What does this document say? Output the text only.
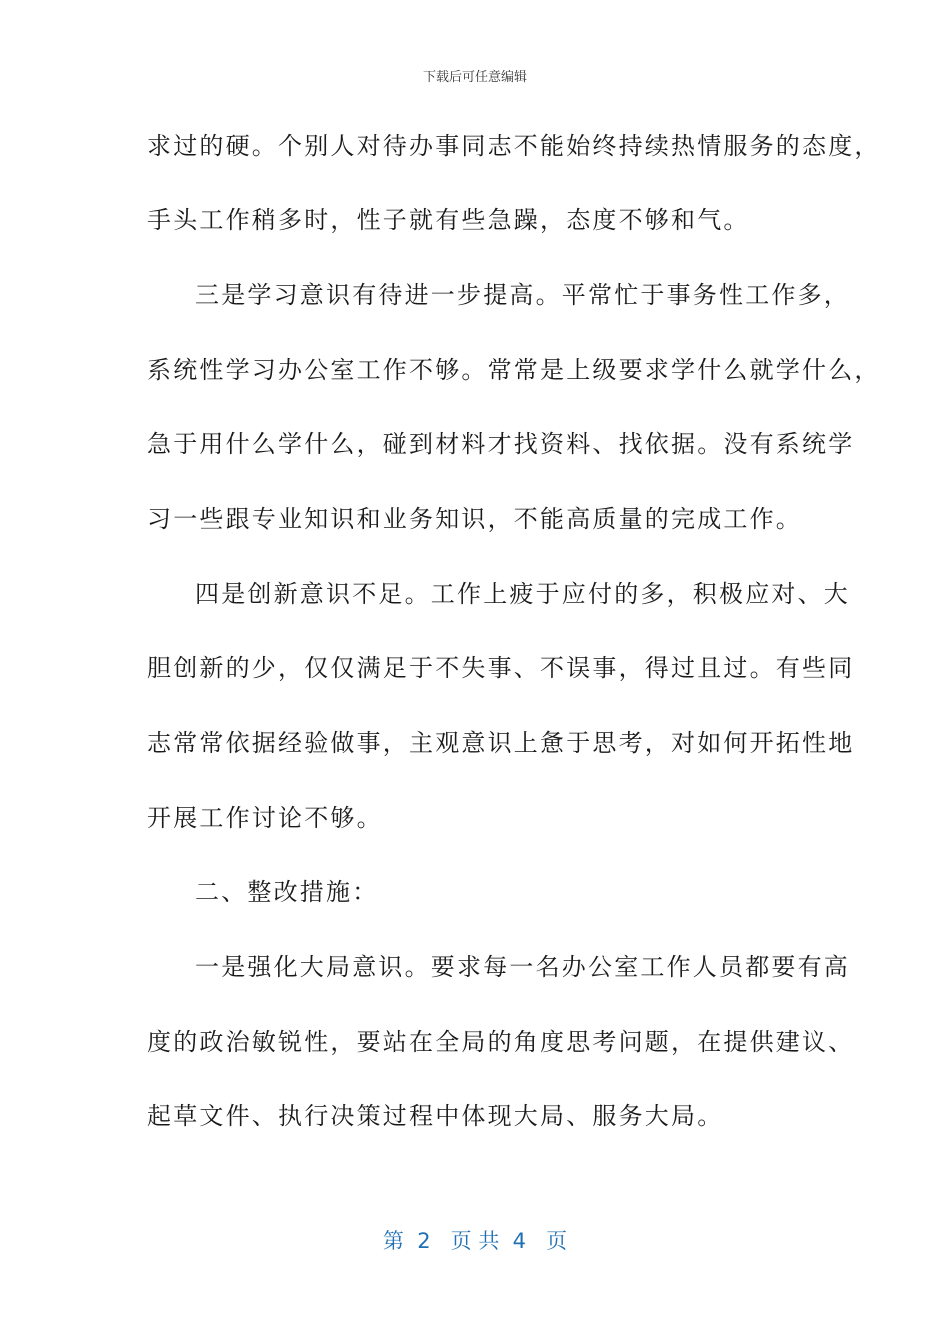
下载后可任意编辑
求过的硬。个别人对待办事同志不能始终持续热情服务的态度，
手头工作稍多时，性子就有些急躁，态度不够和气。
三是学习意识有待进一步提高。平常忙于事务性工作多，
系统性学习办公室工作不够。常常是上级要求学什么就学什么，
急于用什么学什么，碰到材料才找资料、找依据。没有系统学
习一些跟专业知识和业务知识，不能高质量的完成工作。
四是创新意识不足。工作上疲于应付的多，积极应对、大
胆创新的少，仅仅满足于不失事、不误事，得过且过。有些同
志常常依据经验做事，主观意识上惫于思考，对如何开拓性地
开展工作讨论不够。
二、整改措施：
一是强化大局意识。要求每一名办公室工作人员都要有高
度的政治敏锐性，要站在全局的角度思考问题，在提供建议、
起草文件、执行决策过程中体现大局、服务大局。
第  2   页 共  4   页
